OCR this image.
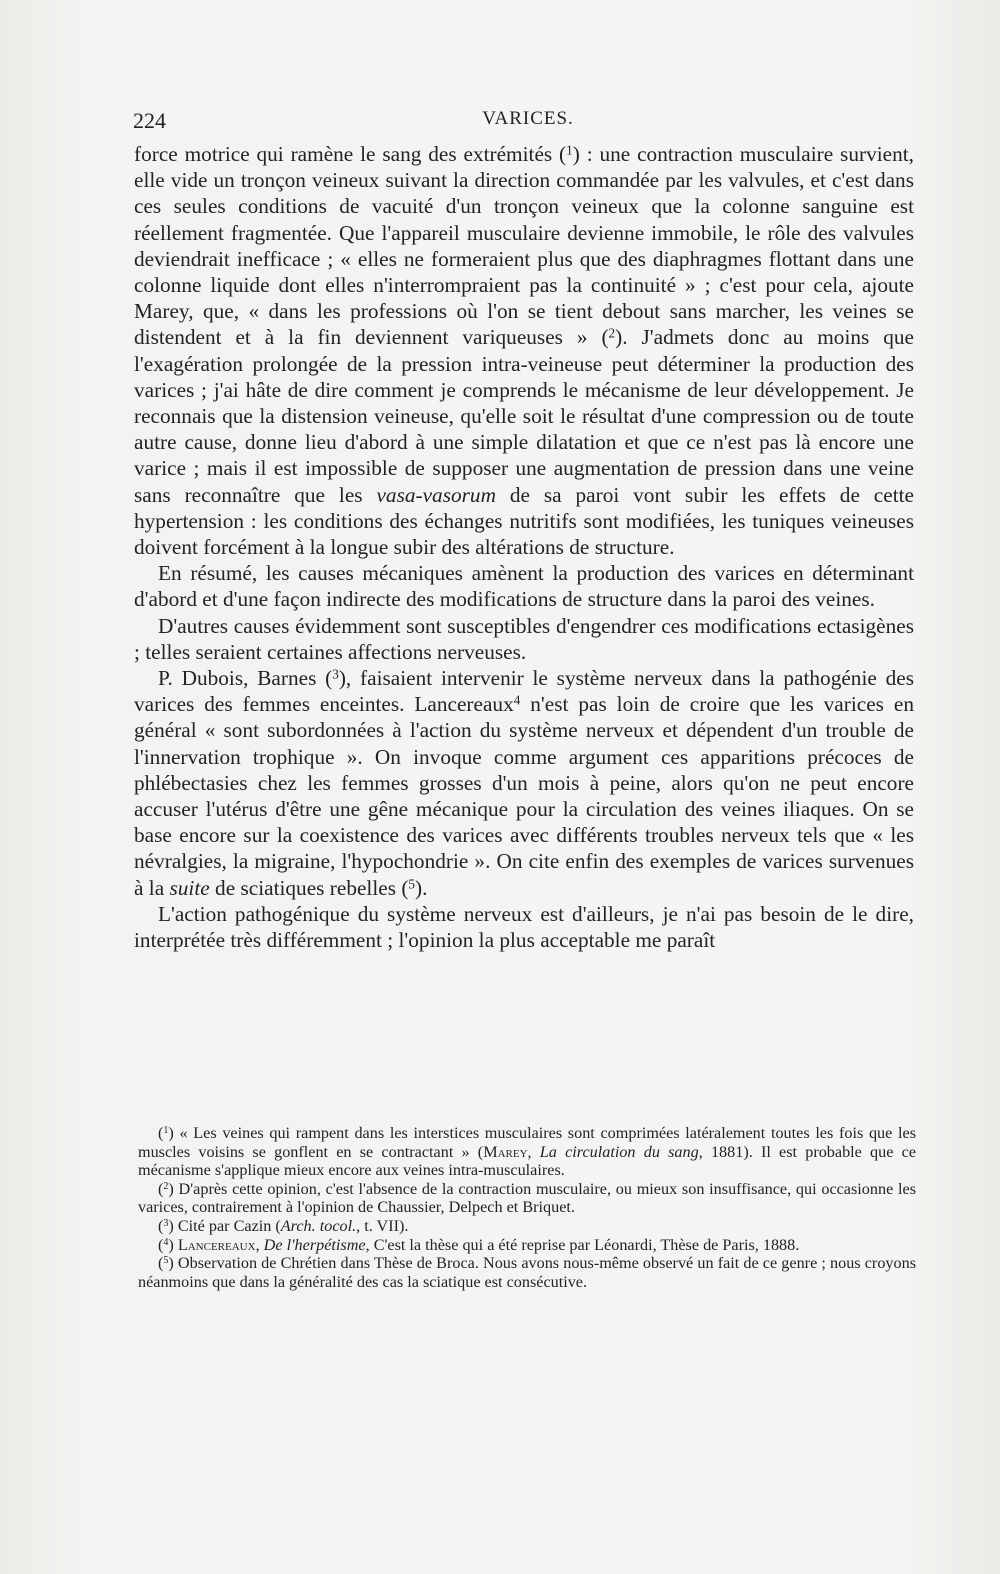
224	VARICES.

force motrice qui ramène le sang des extrémités ($^1$) : une contraction musculaire survient, elle vide un tronçon veineux suivant la direction commandée par les valvules, et c'est dans ces seules conditions de vacuité d'un tronçon veineux que la colonne sanguine est réellement fragmentée. Que l'appareil musculaire devienne immobile, le rôle des valvules deviendrait inefficace ; « elles ne formeraient plus que des diaphragmes flottant dans une colonne liquide dont elles n'interrompraient pas la continuité » ; c'est pour cela, ajoute Marey, que, « dans les professions où l'on se tient debout sans marcher, les veines se distendent et à la fin deviennent variqueuses » ($^2$). J'admets donc au moins que l'exagération prolongée de la pression intra-veineuse peut déterminer la production des varices ; j'ai hâte de dire comment je comprends le mécanisme de leur développement. Je reconnais que la distension veineuse, qu'elle soit le résultat d'une compression ou de toute autre cause, donne lieu d'abord à une simple dilatation et que ce n'est pas là encore une varice ; mais il est impossible de supposer une augmentation de pression dans une veine sans reconnaître que les vasa-vasorum de sa paroi vont subir les effets de cette hypertension : les conditions des échanges nutritifs sont modifiées, les tuniques veineuses doivent forcément à la longue subir des altérations de structure.

En résumé, les causes mécaniques amènent la production des varices en déterminant d'abord et d'une façon indirecte des modifications de structure dans la paroi des veines.

D'autres causes évidemment sont susceptibles d'engendrer ces modifications ectasigènes ; telles seraient certaines affections nerveuses.

P. Dubois, Barnes ($^3$), faisaient intervenir le système nerveux dans la pathogénie des varices des femmes enceintes. Lancereaux$^4$ n'est pas loin de croire que les varices en général « sont subordonnées à l'action du système nerveux et dépendent d'un trouble de l'innervation trophique ». On invoque comme argument ces apparitions précoces de phlébectasies chez les femmes grosses d'un mois à peine, alors qu'on ne peut encore accuser l'utérus d'être une gêne mécanique pour la circulation des veines iliaques. On se base encore sur la coexistence des varices avec différents troubles nerveux tels que « les névralgies, la migraine, l'hypochondrie ». On cite enfin des exemples de varices survenues à la suite de sciatiques rebelles ($^5$).

L'action pathogénique du système nerveux est d'ailleurs, je n'ai pas besoin de le dire, interprétée très différemment ; l'opinion la plus acceptable me paraît

($^1$) « Les veines qui rampent dans les interstices musculaires sont comprimées latéralement toutes les fois que les muscles voisins se gonflent en se contractant » (Marey, La circulation du sang, 1881). Il est probable que ce mécanisme s'applique mieux encore aux veines intra-musculaires.

($^2$) D'après cette opinion, c'est l'absence de la contraction musculaire, ou mieux son insuffisance, qui occasionne les varices, contrairement à l'opinion de Chaussier, Delpech et Briquet.

($^3$) Cité par Cazin (Arch. tocol., t. VII).

($^4$) Lancereaux, De l'herpétisme, C'est la thèse qui a été reprise par Léonardi, Thèse de Paris, 1888.

($^5$) Observation de Chrétien dans Thèse de Broca. Nous avons nous-même observé un fait de ce genre ; nous croyons néanmoins que dans la généralité des cas la sciatique est consécutive.
